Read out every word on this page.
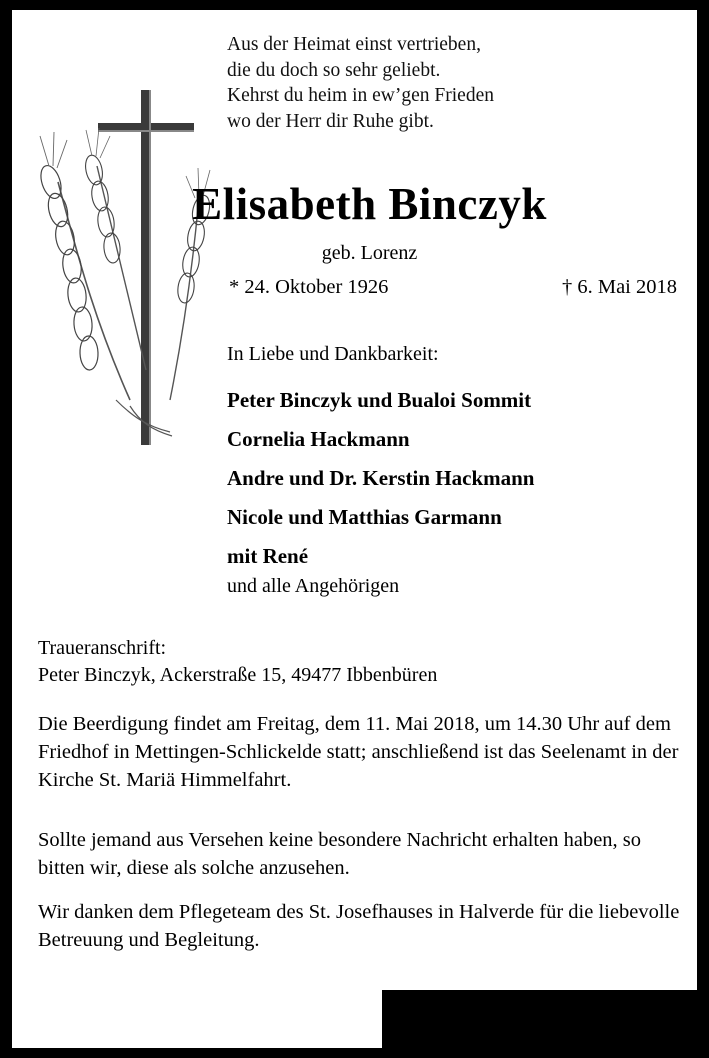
Aus der Heimat einst vertrieben,
die du doch so sehr geliebt.
Kehrst du heim in ew’gen Frieden
wo der Herr dir Ruhe gibt.
Elisabeth Binczyk
geb. Lorenz
* 24. Oktober 1926	† 6. Mai 2018
In Liebe und Dankbarkeit:
Peter Binczyk und Bualoi Sommit
Cornelia Hackmann
Andre und Dr. Kerstin Hackmann
Nicole und Matthias Garmann
mit René
und alle Angehörigen
Traueranschrift:
Peter Binczyk, Ackerstraße 15, 49477 Ibbenbüren

Die Beerdigung findet am Freitag, dem 11. Mai 2018, um 14.30 Uhr auf dem Friedhof in Mettingen-Schlickelde statt; anschließend ist das Seelenamt in der Kirche St. Mariä Himmelfahrt.

Sollte jemand aus Versehen keine besondere Nachricht erhalten haben, so bitten wir, diese als solche anzusehen.

Wir danken dem Pflegeteam des St. Josefhauses in Halverde für die liebevolle Betreuung und Begleitung.
